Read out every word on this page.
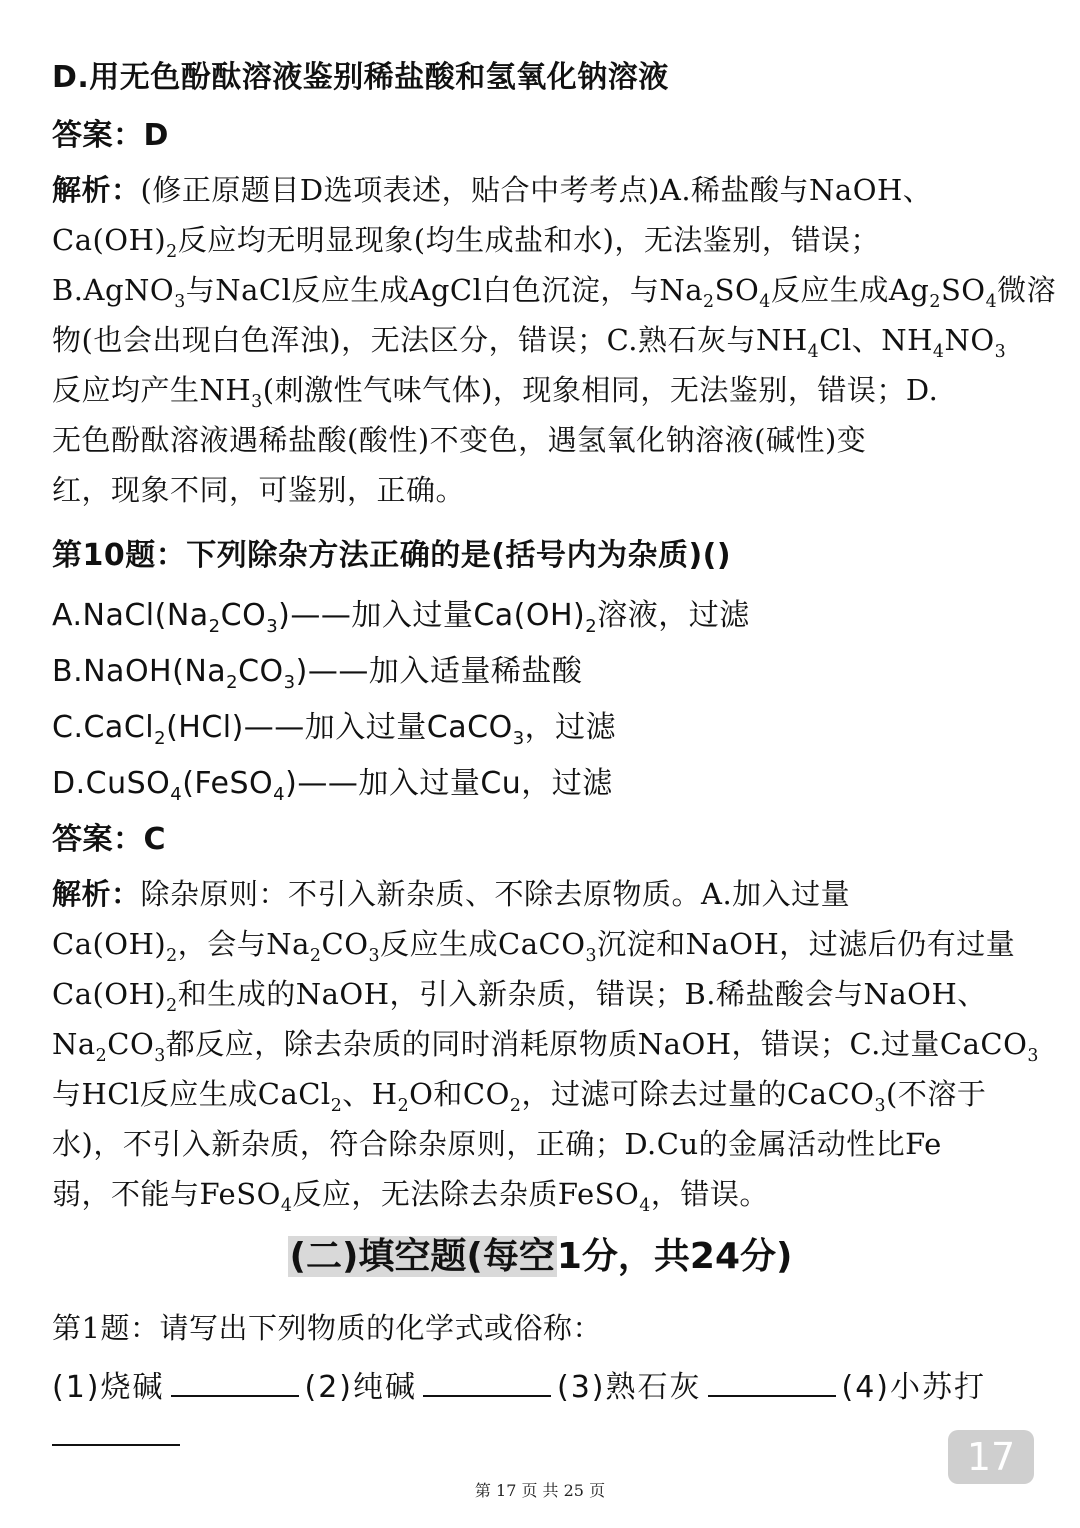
D.用无色酚酞溶液鉴别稀盐酸和氢氧化钠溶液
答案：D
解析：(修正原题目D选项表述，贴合中考考点)A.稀盐酸与NaOH、
$Ca(OH)_2$反应均无明显现象(均生成盐和水)，无法鉴别，错误；
B.AgNO$_3$与NaCl反应生成AgCl白色沉淀，与$Na_2SO_4$反应生成$Ag_2SO_4$微溶
物(也会出现白色浑浊)，无法区分，错误；C.熟石灰与$NH_4Cl$、$NH_4NO_3$
反应均产生$NH_3$(刺激性气味气体)，现象相同，无法鉴别，错误；D.
无色酚酞溶液遇稀盐酸(酸性)不变色，遇氢氧化钠溶液(碱性)变
红，现象不同，可鉴别，正确。
第10题：下列除杂方法正确的是(括号内为杂质)()
$A.NaCl(Na_2CO_3)——$加入过量$Ca(OH)_2$溶液，过滤
$B.NaOH(Na_2CO_3)——$加入适量稀盐酸
C.CaCl$_2$(HCl)——加入过量CaCO$_3$，过滤
D.CuSO$_4$(FeSO$_4$)——加入过量Cu，过滤
答案：C
解析：除杂原则：不引入新杂质、不除去原物质。A.加入过量
$Ca(OH)_2$，会与$Na_2CO_3$反应生成CaCO$_3$沉淀和NaOH，过滤后仍有过量
$Ca(OH)_2$和生成的NaOH，引入新杂质，错误；B.稀盐酸会与NaOH、
$Na_2CO_3$都反应，除去杂质的同时消耗原物质NaOH，错误；C.过量CaCO$_3$
与HCl反应生成CaCl$_2$、$H_2O$和$CO_2$，过滤可除去过量的CaCO$_3$(不溶于
水)，不引入新杂质，符合除杂原则，正确；D.Cu的金属活动性比Fe
弱，不能与FeSO$_4$反应，无法除去杂质FeSO$_4$，错误。
(二)填空题(每空1分，共24分)
第1题：请写出下列物质的化学式或俗称：
(1)烧碱	(2)纯碱	(3)熟石灰	(4)小苏打
17
第 17 页 共 25 页
